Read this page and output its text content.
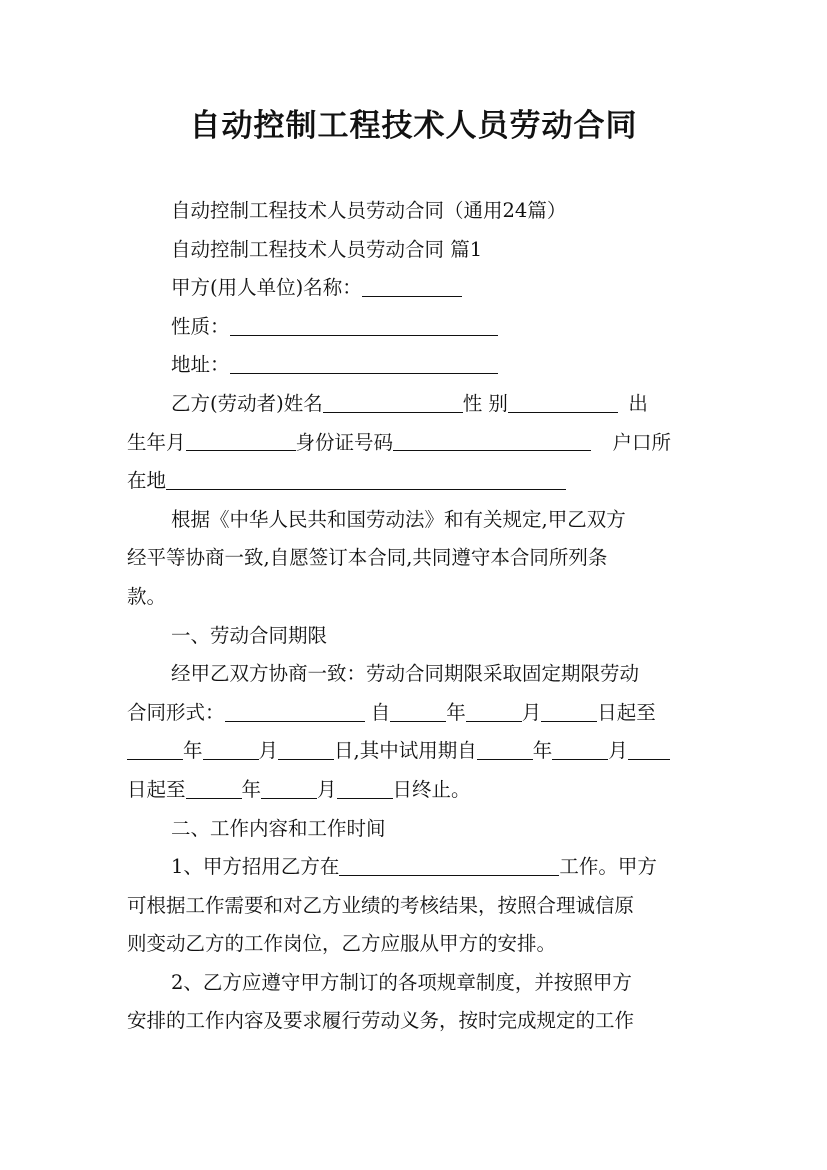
自动控制工程技术人员劳动合同
自动控制工程技术人员劳动合同（通用24篇）
自动控制工程技术人员劳动合同 篇1
甲方(用人单位)名称：
性质：
地址：
乙方(劳动者)姓名	性 别	出
生年月	身份证号码	户口所
在地
根据《中华人民共和国劳动法》和有关规定,甲乙双方
经平等协商一致,自愿签订本合同,共同遵守本合同所列条
款。
一、劳动合同期限
经甲乙双方协商一致：劳动合同期限采取固定期限劳动
合同形式：	自	年	月	日起至
年	月	日,其中试用期自	年	月
日起至	年	月	日终止。
二、工作内容和工作时间
1、甲方招用乙方在	工作。甲方
可根据工作需要和对乙方业绩的考核结果，按照合理诚信原
则变动乙方的工作岗位，乙方应服从甲方的安排。
2、乙方应遵守甲方制订的各项规章制度，并按照甲方
安排的工作内容及要求履行劳动义务，按时完成规定的工作
